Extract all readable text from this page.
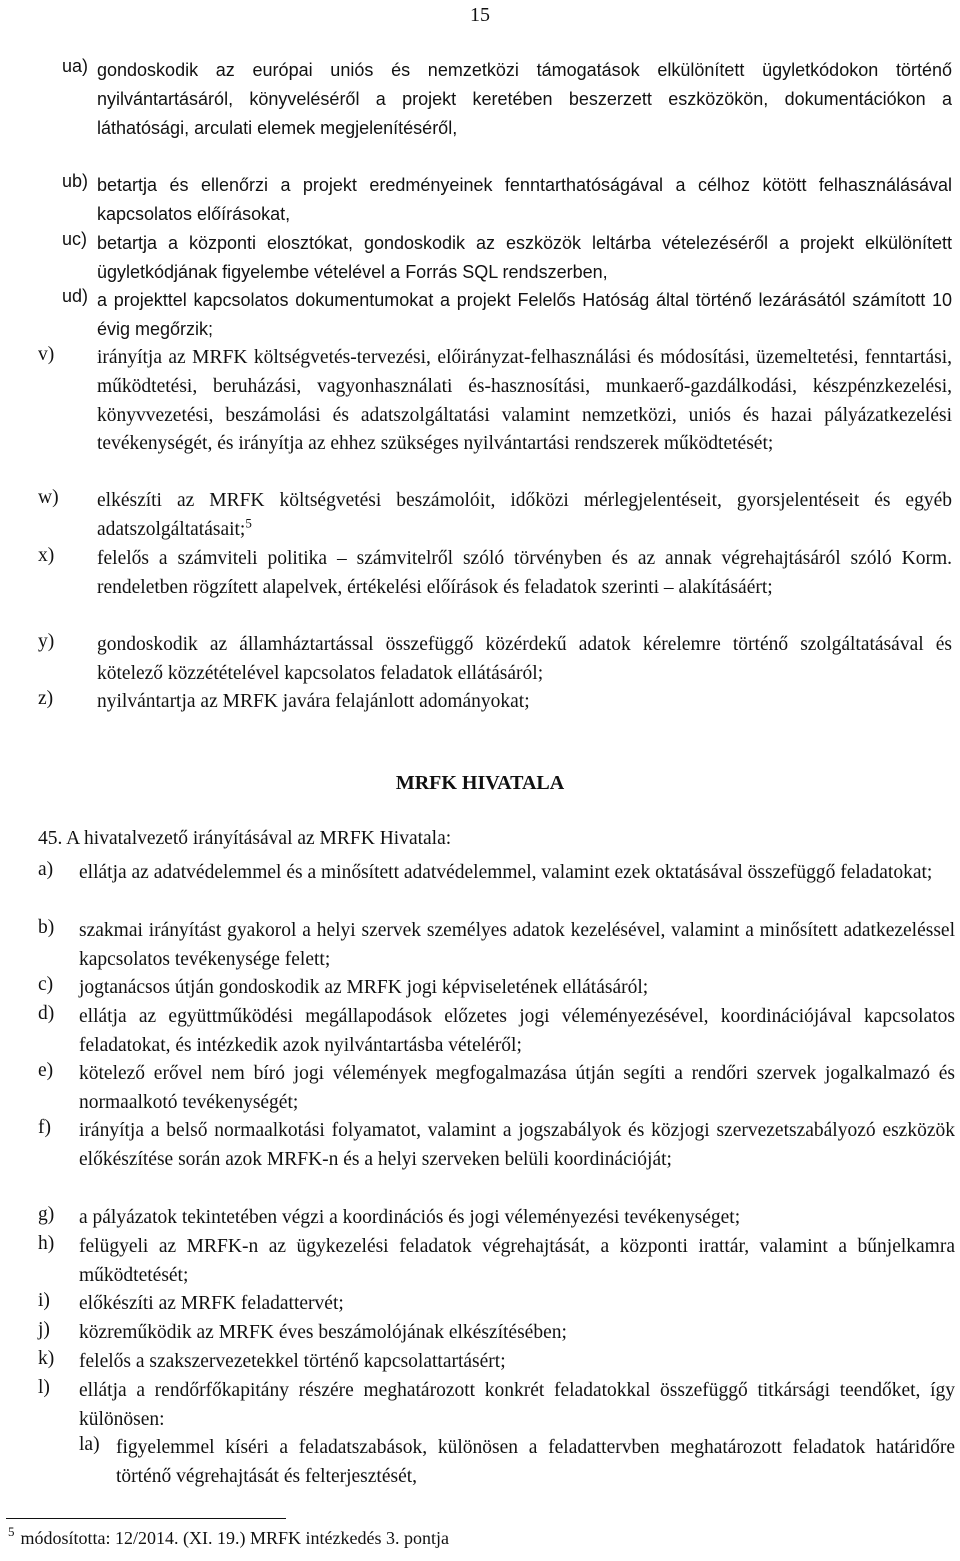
15
ua) gondoskodik az európai uniós és nemzetközi támogatások elkülönített ügyletkódokon történő nyilvántartásáról, könyveléséről a projekt keretében beszerzett eszközökön, dokumentációkon a láthatósági, arculati elemek megjelenítéséről,
ub) betartja és ellenőrzi a projekt eredményeinek fenntarthatóságával a célhoz kötött felhasználásával kapcsolatos előírásokat,
uc) betartja a központi elosztókat, gondoskodik az eszközök leltárba vételezéséről a projekt elkülönített ügyletkódjának figyelembe vételével a Forrás SQL rendszerben,
ud) a projekttel kapcsolatos dokumentumokat a projekt Felelős Hatóság által történő lezárásától számított 10 évig megőrzik;
v) irányítja az MRFK költségvetés-tervezési, előirányzat-felhasználási és módosítási, üzemeltetési, fenntartási, működtetési, beruházási, vagyonhasználati és-hasznosítási, munkaerő-gazdálkodási, készpénzkezelési, könyvvezetési, beszámolási és adatszolgáltatási valamint nemzetközi, uniós és hazai pályázatkezelési tevékenységét, és irányítja az ehhez szükséges nyilvántartási rendszerek működtetését;
w) elkészíti az MRFK költségvetési beszámolóit, időközi mérlegjelentéseit, gyorsjelentéseit és egyéb adatszolgáltatásait;$^5$
x) felelős a számviteli politika – számvitelről szóló törvényben és az annak végrehajtásáról szóló Korm. rendeletben rögzített alapelvek, értékelési előírások és feladatok szerinti – alakításáért;
y) gondoskodik az államháztartással összefüggő közérdekű adatok kérelemre történő szolgáltatásával és kötelező közzétételével kapcsolatos feladatok ellátásáról;
z) nyilvántartja az MRFK javára felajánlott adományokat;
MRFK HIVATALA
45. A hivatalvezető irányításával az MRFK Hivatala:
a) ellátja az adatvédelemmel és a minősített adatvédelemmel, valamint ezek oktatásával összefüggő feladatokat;
b) szakmai irányítást gyakorol a helyi szervek személyes adatok kezelésével, valamint a minősített adatkezeléssel kapcsolatos tevékenysége felett;
c) jogtanácsos útján gondoskodik az MRFK jogi képviseletének ellátásáról;
d) ellátja az együttműködési megállapodások előzetes jogi véleményezésével, koordinációjával kapcsolatos feladatokat, és intézkedik azok nyilvántartásba vételéről;
e) kötelező erővel nem bíró jogi vélemények megfogalmazása útján segíti a rendőri szervek jogalkalmazó és normaalkotó tevékenységét;
f) irányítja a belső normaalkotási folyamatot, valamint a jogszabályok és közjogi szervezetszabályozó eszközök előkészítése során azok MRFK-n és a helyi szerveken belüli koordinációját;
g) a pályázatok tekintetében végzi a koordinációs és jogi véleményezési tevékenységet;
h) felügyeli az MRFK-n az ügykezelési feladatok végrehajtását, a központi irattár, valamint a bűnjelkamra működtetését;
i) előkészíti az MRFK feladattervét;
j) közreműködik az MRFK éves beszámolójának elkészítésében;
k) felelős a szakszervezetekkel történő kapcsolattartásért;
l) ellátja a rendőrfőkapitány részére meghatározott konkrét feladatokkal összefüggő titkársági teendőket, így különösen:
la) figyelemmel kíséri a feladatszabások, különösen a feladattervben meghatározott feladatok határidőre történő végrehajtását és felterjesztését,
$^5$ módosította: 12/2014. (XI. 19.) MRFK intézkedés 3. pontja
